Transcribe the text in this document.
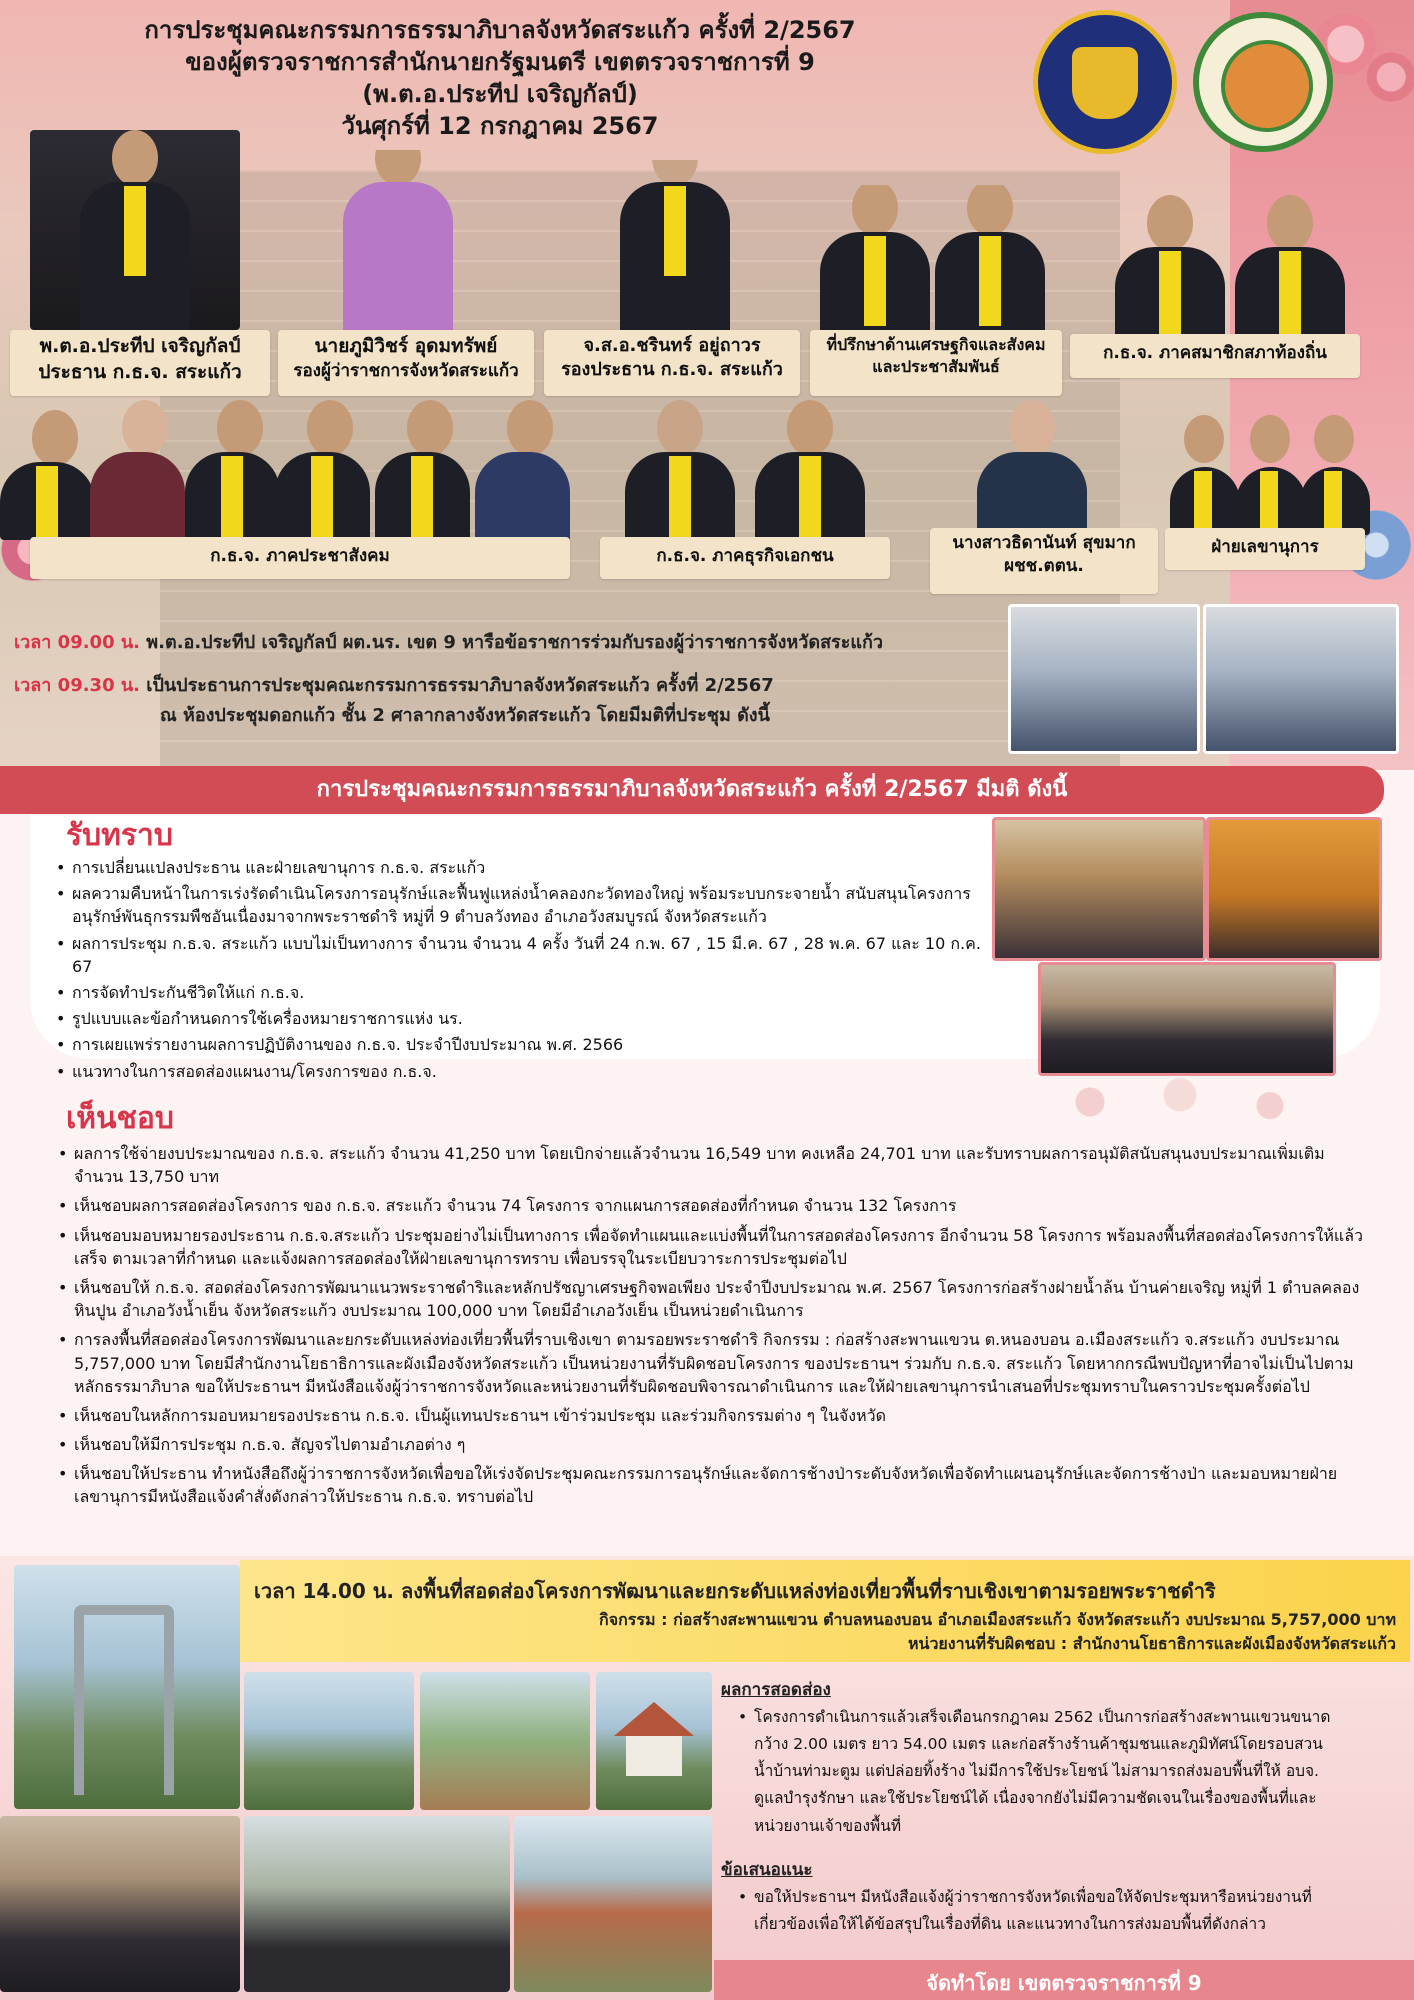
การประชุมคณะกรรมการธรรมาภิบาลจังหวัดสระแก้ว ครั้งที่ 2/2567
ของผู้ตรวจราชการสำนักนายกรัฐมนตรี เขตตรวจราชการที่ 9
(พ.ต.อ.ประทีป เจริญกัลป์)
วันศุกร์ที่ 12 กรกฎาคม 2567
พ.ต.อ.ประทีป เจริญกัลป์
ประธาน ก.ธ.จ. สระแก้ว
นายภูมิวิชร์ อุดมทรัพย์
รองผู้ว่าราชการจังหวัดสระแก้ว
จ.ส.อ.ชรินทร์ อยู่ถาวร
รองประธาน ก.ธ.จ. สระแก้ว
ที่ปรึกษาด้านเศรษฐกิจและสังคม
และประชาสัมพันธ์
ก.ธ.จ. ภาคสมาชิกสภาท้องถิ่น
ก.ธ.จ. ภาคประชาสังคม	ก.ธ.จ. ภาคธุรกิจเอกชน
นางสาวธิดานันท์ สุขมาก
ผชช.ตตน.
ฝ่ายเลขานุการ
เวลา 09.00 น. พ.ต.อ.ประทีป เจริญกัลป์ ผต.นร. เขต 9 หารือข้อราชการร่วมกับรองผู้ว่าราชการจังหวัดสระแก้ว
เวลา 09.30 น. เป็นประธานการประชุมคณะกรรมการธรรมาภิบาลจังหวัดสระแก้ว ครั้งที่ 2/2567
ณ ห้องประชุมดอกแก้ว ชั้น 2 ศาลากลางจังหวัดสระแก้ว โดยมีมติที่ประชุม ดังนี้
การประชุมคณะกรรมการธรรมาภิบาลจังหวัดสระแก้ว ครั้งที่ 2/2567 มีมติ ดังนี้
รับทราบ
• การเปลี่ยนแปลงประธาน และฝ่ายเลขานุการ ก.ธ.จ. สระแก้ว
• ผลความคืบหน้าในการเร่งรัดดำเนินโครงการอนุรักษ์และฟื้นฟูแหล่งน้ำคลองกะวัดทองใหญ่ พร้อมระบบกระจายน้ำ สนับสนุนโครงการอนุรักษ์พันธุกรรมพืชอันเนื่องมาจากพระราชดำริ หมู่ที่ 9 ตำบลวังทอง อำเภอวังสมบูรณ์ จังหวัดสระแก้ว
• ผลการประชุม ก.ธ.จ. สระแก้ว แบบไม่เป็นทางการ จำนวน จำนวน 4 ครั้ง วันที่ 24 ก.พ. 67 , 15 มี.ค. 67 , 28 พ.ค. 67 และ 10 ก.ค. 67
• การจัดทำประกันชีวิตให้แก่ ก.ธ.จ.
• รูปแบบและข้อกำหนดการใช้เครื่องหมายราชการแห่ง นร.
• การเผยแพร่รายงานผลการปฏิบัติงานของ ก.ธ.จ. ประจำปีงบประมาณ พ.ศ. 2566
• แนวทางในการสอดส่องแผนงาน/โครงการของ ก.ธ.จ.
เห็นชอบ
• ผลการใช้จ่ายงบประมาณของ ก.ธ.จ. สระแก้ว จำนวน 41,250 บาท โดยเบิกจ่ายแล้วจำนวน 16,549 บาท คงเหลือ 24,701 บาท และรับทราบผลการอนุมัติสนับสนุนงบประมาณเพิ่มเติม จำนวน 13,750 บาท
• เห็นชอบผลการสอดส่องโครงการ ของ ก.ธ.จ. สระแก้ว จำนวน 74 โครงการ จากแผนการสอดส่องที่กำหนด จำนวน 132 โครงการ
• เห็นชอบมอบหมายรองประธาน ก.ธ.จ.สระแก้ว ประชุมอย่างไม่เป็นทางการ เพื่อจัดทำแผนและแบ่งพื้นที่ในการสอดส่องโครงการ อีกจำนวน 58 โครงการ พร้อมลงพื้นที่สอดส่องโครงการให้แล้วเสร็จ ตามเวลาที่กำหนด และแจ้งผลการสอดส่องให้ฝ่ายเลขานุการทราบ เพื่อบรรจุในระเบียบวาระการประชุมต่อไป
• เห็นชอบให้ ก.ธ.จ. สอดส่องโครงการพัฒนาแนวพระราชดำริและหลักปรัชญาเศรษฐกิจพอเพียง ประจำปีงบประมาณ พ.ศ. 2567 โครงการก่อสร้างฝายน้ำล้น บ้านค่ายเจริญ หมู่ที่ 1 ตำบลคลองหินปูน อำเภอวังน้ำเย็น จังหวัดสระแก้ว งบประมาณ 100,000 บาท โดยมีอำเภอวังเย็น เป็นหน่วยดำเนินการ
• การลงพื้นที่สอดส่องโครงการพัฒนาและยกระดับแหล่งท่องเที่ยวพื้นที่ราบเชิงเขา ตามรอยพระราชดำริ กิจกรรม : ก่อสร้างสะพานแขวน ต.หนองบอน อ.เมืองสระแก้ว จ.สระแก้ว งบประมาณ 5,757,000 บาท โดยมีสำนักงานโยธาธิการและผังเมืองจังหวัดสระแก้ว เป็นหน่วยงานที่รับผิดชอบโครงการ ของประธานฯ ร่วมกับ ก.ธ.จ. สระแก้ว โดยหากกรณีพบปัญหาที่อาจไม่เป็นไปตามหลักธรรมาภิบาล ขอให้ประธานฯ มีหนังสือแจ้งผู้ว่าราชการจังหวัดและหน่วยงานที่รับผิดชอบพิจารณาดำเนินการ และให้ฝ่ายเลขานุการนำเสนอที่ประชุมทราบในคราวประชุมครั้งต่อไป
• เห็นชอบในหลักการมอบหมายรองประธาน ก.ธ.จ. เป็นผู้แทนประธานฯ เข้าร่วมประชุม และร่วมกิจกรรมต่าง ๆ ในจังหวัด
• เห็นชอบให้มีการประชุม ก.ธ.จ. สัญจรไปตามอำเภอต่าง ๆ
• เห็นชอบให้ประธาน ทำหนังสือถึงผู้ว่าราชการจังหวัดเพื่อขอให้เร่งจัดประชุมคณะกรรมการอนุรักษ์และจัดการช้างป่าระดับจังหวัดเพื่อจัดทำแผนอนุรักษ์และจัดการช้างป่า และมอบหมายฝ่ายเลขานุการมีหนังสือแจ้งคำสั่งดังกล่าวให้ประธาน ก.ธ.จ. ทราบต่อไป
เวลา 14.00 น. ลงพื้นที่สอดส่องโครงการพัฒนาและยกระดับแหล่งท่องเที่ยวพื้นที่ราบเชิงเขาตามรอยพระราชดำริ
กิจกรรม : ก่อสร้างสะพานแขวน ตำบลหนองบอน อำเภอเมืองสระแก้ว จังหวัดสระแก้ว งบประมาณ 5,757,000 บาท
หน่วยงานที่รับผิดชอบ : สำนักงานโยธาธิการและผังเมืองจังหวัดสระแก้ว
ผลการสอดส่อง
• โครงการดำเนินการแล้วเสร็จเดือนกรกฎาคม 2562 เป็นการก่อสร้างสะพานแขวนขนาดกว้าง 2.00 เมตร ยาว 54.00 เมตร และก่อสร้างร้านค้าชุมชนและภูมิทัศน์โดยรอบสวนน้ำบ้านท่ามะตูม แต่ปล่อยทิ้งร้าง ไม่มีการใช้ประโยชน์ ไม่สามารถส่งมอบพื้นที่ให้ อบจ. ดูแลบำรุงรักษา และใช้ประโยชน์ได้ เนื่องจากยังไม่มีความชัดเจนในเรื่องของพื้นที่และหน่วยงานเจ้าของพื้นที่
ข้อเสนอแนะ
• ขอให้ประธานฯ มีหนังสือแจ้งผู้ว่าราชการจังหวัดเพื่อขอให้จัดประชุมหารือหน่วยงานที่เกี่ยวข้องเพื่อให้ได้ข้อสรุปในเรื่องที่ดิน และแนวทางในการส่งมอบพื้นที่ดังกล่าว
จัดทำโดย เขตตรวจราชการที่ 9
